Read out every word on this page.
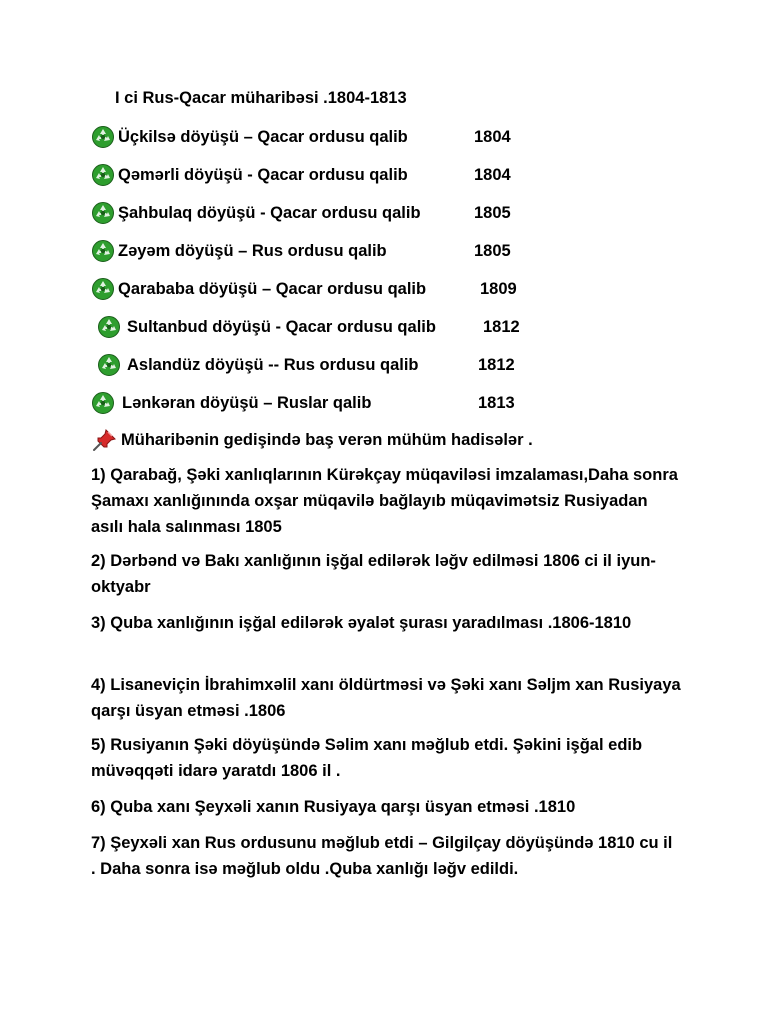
I ci Rus-Qacar müharibəsi .1804-1813
Üçkilsə döyüşü – Qacar ordusu qalib	1804
Qəmərli döyüşü - Qacar ordusu qalib	1804
Şahbulaq döyüşü - Qacar ordusu qalib	1805
Zəyəm döyüşü – Rus ordusu qalib	1805
Qarababa döyüşü – Qacar ordusu qalib	1809
Sultanbud döyüşü - Qacar ordusu qalib	1812
Aslandüz döyüşü -- Rus ordusu qalib	1812
Lənkəran döyüşü – Ruslar qalib	1813
Müharibənin gedişində baş verən mühüm hadisələr .
1) Qarabağ, Şəki xanlıqlarının Kürəkçay müqaviləsi imzalaması,Daha sonra Şamaxı xanlığınında oxşar müqavilə bağlayıb müqavimətsiz Rusiyadan asılı hala salınması 1805
2) Dərbənd və Bakı xanlığının işğal edilərək ləğv edilməsi 1806 ci il iyun-oktyabr
3) Quba xanlığının işğal edilərək əyalət şurası yaradılması .1806-1810
4) Lisaneviçin İbrahimxəlil xanı öldürtməsi və Şəki xanı Səljm xan Rusiyaya qarşı üsyan etməsi .1806
5) Rusiyanın Şəki döyüşündə Səlim xanı məğlub etdi. Şəkini işğal edib müvəqqəti idarə yaratdı 1806 il .
6) Quba xanı Şeyxəli xanın Rusiyaya qarşı üsyan etməsi .1810
7) Şeyxəli xan Rus ordusunu məğlub etdi – Gilgilçay döyüşündə 1810 cu il . Daha sonra isə məğlub oldu .Quba xanlığı ləğv edildi.
